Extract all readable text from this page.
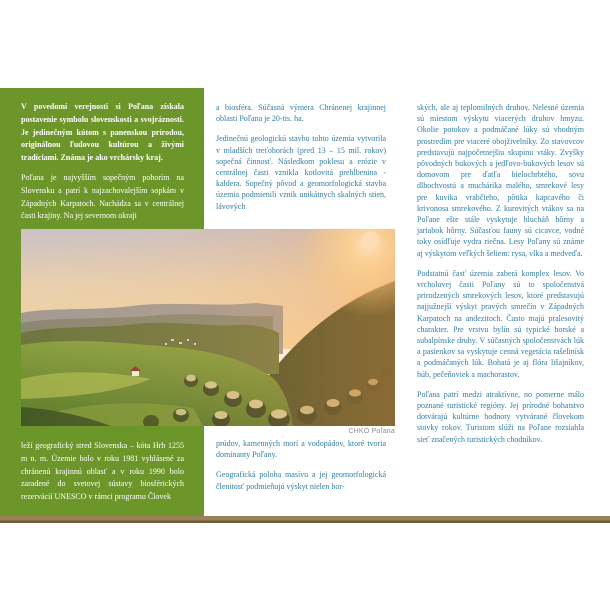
V povedomí verejnosti si Poľana získala postavenie symbolu slovenskosti a svojráznosti. Je jedinečným kútom s panenskou prírodou, originálnou ľudovou kultúrou a živými tradíciami. Známa je ako vrchársky kraj.

Poľana je najvyšším sopečným pohorím na Slovensku a patrí k najzachovalejším sopkám v Západných Karpatoch. Nachádza sa v centrálnej časti krajiny. Na jej severnom okraji

CHKO Poľana

leží geografický stred Slovenska – kóta Hrb 1255 m n. m. Územie bolo v roku 1981 vyhlásené za chránenú krajinnú oblasť a v roku 1990 bolo zaradené do svetovej sústavy biosférických rezervácií UNESCO v rámci programu Človek

a biosféra. Súčasná výmera Chránenej krajinnej oblasti Poľana je 20-tis. ha.

Jedinečnú geologickú stavbu tohto územia vytvorila v mladších treťohorách (pred 13 – 15 mil. rokov) sopečná činnosť. Následkom poklesu a erózie v centrálnej časti vznikla kotlovitá prehĺbenina - kaldera. Sopečný pôvod a geomorfologická stavba územia podmienili vznik unikátnych skalných stien, lávových

prúdov, kamenných morí a vodopádov, ktoré tvoria dominanty Poľany.

Geografická poloha masívu a jej geomorfologická členitosť podmieňujú výskyt nielen hor-

ských, ale aj teplomilných druhov. Nelesné územia sú miestom výskytu viacerých druhov hmyzu. Okolie potokov a podmáčané lúky sú vhodným prostredím pre viaceré obojživelníky. Zo stavovcov predstavujú najpočetnejšiu skupinu vtáky. Zvyšky pôvodných bukových a jedľovo-bukových lesov sú domovom pre ďatľa bielochrbtého, sovu dlhochvostú a muchárika malého, smrekové lesy pre kuvika vrabčieho, pôtika kapcavého či krivonosa smrekového. Z kurovitých vtákov sa na Poľane ešte stále vyskytuje hlucháň hôrny a jariabok hôrny. Súčasťou fauny sú cicavce, vodné toky osídľuje vydra riečna. Lesy Poľany sú známe aj výskytom veľkých šeliem: rysa, vlka a medveďa.

Podstatnú časť územia zaberá komplex lesov. Vo vrcholovej časti Poľany sú to spoločenstvá prirodzených smrekových lesov, ktoré predstavujú najjužnejší výskyt pravých smrečín v Západných Karpatoch na andezitoch. Často majú pralesovitý charakter. Pre vrstvu bylín sú typické horské a subalpínske druhy. V súčasných spoločenstvách lúk a pasienkov sa vyskytuje cenná vegetácia rašelinísk a podmáčaných lúk. Bohatá je aj flóra lišajníkov, húb, pečeňoviek a machorastov.

Poľana patrí medzi atraktívne, no pomerne málo poznané turistické regióny. Jej prírodné bohatstvo dotvárajú kultúrne hodnoty vytvárané človekom stovky rokov. Turistom slúži na Poľane rozsiahla sieť značených turistických chodníkov.
